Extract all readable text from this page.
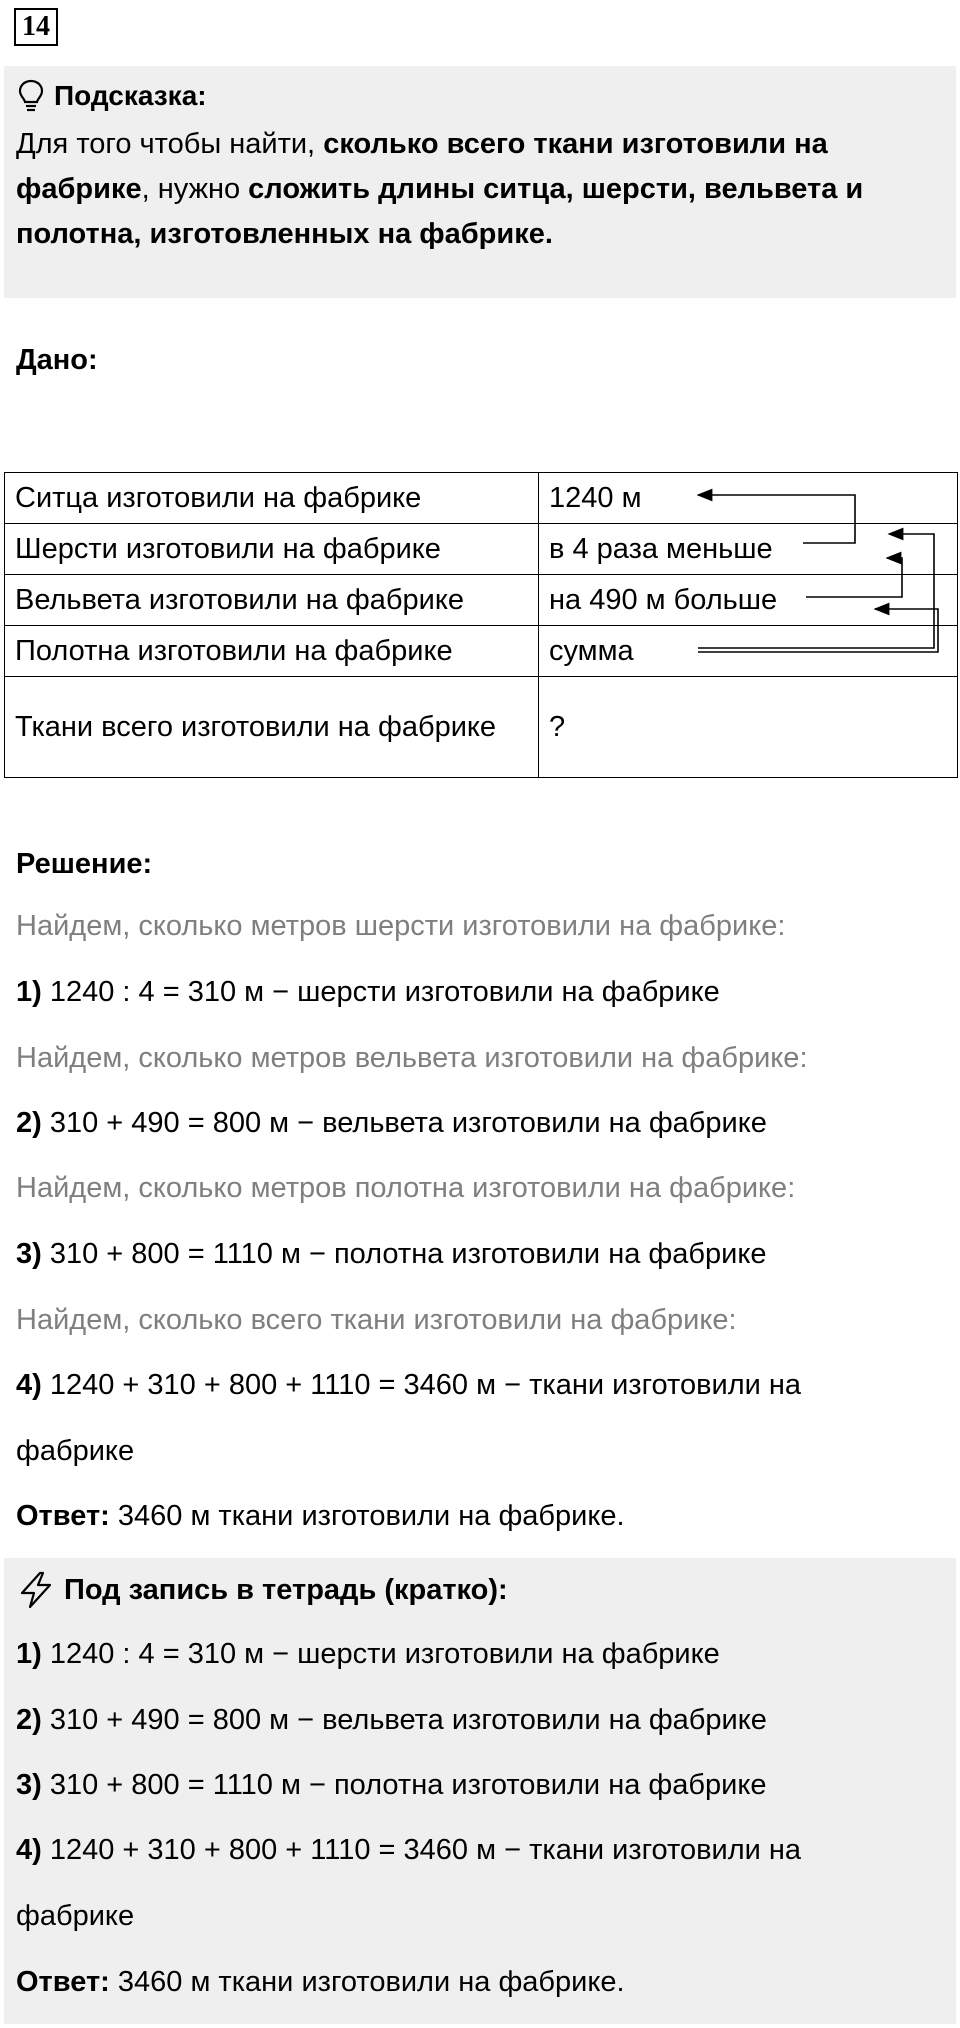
14
Подсказка:
Для того чтобы найти, сколько всего ткани изготовили на фабрике, нужно сложить длины ситца, шерсти, вельвета и полотна, изготовленных на фабрике.
Дано:
Ситца изготовили на фабрике	1240 м
Шерсти изготовили на фабрике	в 4 раза меньше
Вельвета изготовили на фабрике	на 490 м больше
Полотна изготовили на фабрике	сумма
Ткани всего изготовили на фабрике	?
Решение:
Найдем, сколько метров шерсти изготовили на фабрике:
1) 1240 : 4 = 310 м − шерсти изготовили на фабрике
Найдем, сколько метров вельвета изготовили на фабрике:
2) 310 + 490 = 800 м − вельвета изготовили на фабрике
Найдем, сколько метров полотна изготовили на фабрике:
3) 310 + 800 = 1110 м − полотна изготовили на фабрике
Найдем, сколько всего ткани изготовили на фабрике:
4) 1240 + 310 + 800 + 1110 = 3460 м − ткани изготовили на
фабрике
Ответ: 3460 м ткани изготовили на фабрике.
Под запись в тетрадь (кратко):
1) 1240 : 4 = 310 м − шерсти изготовили на фабрике
2) 310 + 490 = 800 м − вельвета изготовили на фабрике
3) 310 + 800 = 1110 м − полотна изготовили на фабрике
4) 1240 + 310 + 800 + 1110 = 3460 м − ткани изготовили на
фабрике
Ответ: 3460 м ткани изготовили на фабрике.
